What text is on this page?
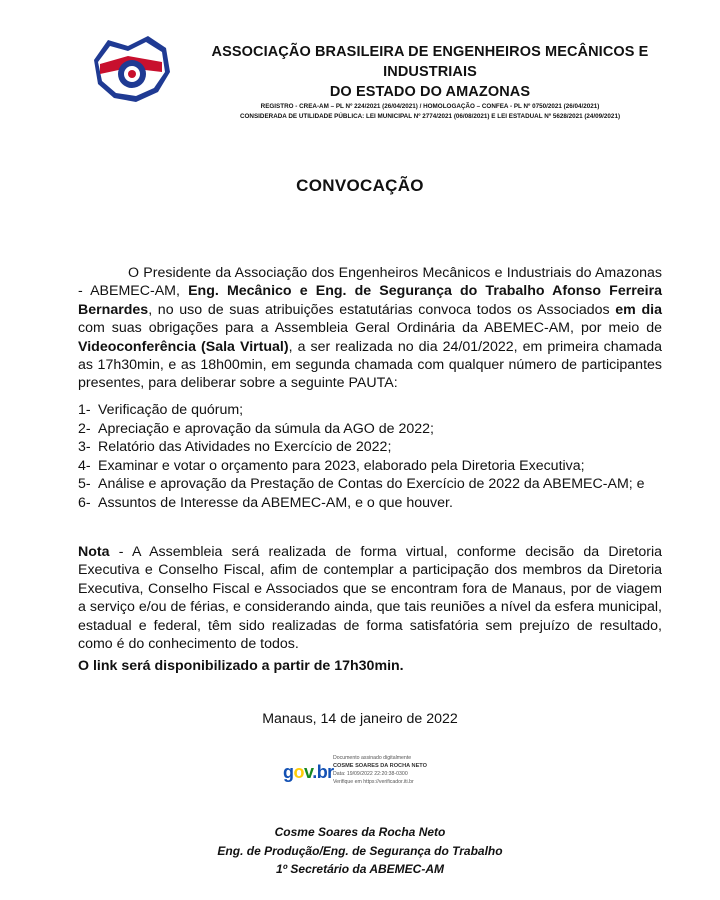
ASSOCIAÇÃO BRASILEIRA DE ENGENHEIROS MECÂNICOS E INDUSTRIAIS
DO ESTADO DO AMAZONAS
REGISTRO - CREA-AM – PL Nº 224/2021 (26/04/2021) / HOMOLOGAÇÃO – CONFEA - PL Nº 0750/2021 (26/04/2021)
CONSIDERADA DE UTILIDADE PÚBLICA: LEI MUNICIPAL Nº 2774/2021 (06/08/2021) E LEI ESTADUAL Nº 5628/2021 (24/09/2021)
CONVOCAÇÃO
O Presidente da Associação dos Engenheiros Mecânicos e Industriais do Amazonas - ABEMEC-AM, Eng. Mecânico e Eng. de Segurança do Trabalho Afonso Ferreira Bernardes, no uso de suas atribuições estatutárias convoca todos os Associados em dia com suas obrigações para a Assembleia Geral Ordinária da ABEMEC-AM, por meio de Videoconferência (Sala Virtual), a ser realizada no dia 24/01/2022, em primeira chamada as 17h30min, e as 18h00min, em segunda chamada com qualquer número de participantes presentes, para deliberar sobre a seguinte PAUTA:
1- Verificação de quórum;
2- Apreciação e aprovação da súmula da AGO de 2022;
3- Relatório das Atividades no Exercício de 2022;
4- Examinar e votar o orçamento para 2023, elaborado pela Diretoria Executiva;
5- Análise e aprovação da Prestação de Contas do Exercício de 2022 da ABEMEC-AM; e
6- Assuntos de Interesse da ABEMEC-AM, e o que houver.
Nota - A Assembleia será realizada de forma virtual, conforme decisão da Diretoria Executiva e Conselho Fiscal, afim de contemplar a participação dos membros da Diretoria Executiva, Conselho Fiscal e Associados que se encontram fora de Manaus, por de viagem a serviço e/ou de férias, e considerando ainda, que tais reuniões a nível da esfera municipal, estadual e federal, têm sido realizadas de forma satisfatória sem prejuízo de resultado, como é do conhecimento de todos.
O link será disponibilizado a partir de 17h30min.
Manaus, 14 de janeiro de 2022
gov.br
Documento assinado digitalmente
COSME SOARES DA ROCHA NETO
Data: 19/09/2022 22:20:38-0300
Verifique em https://verificador.iti.br
Cosme Soares da Rocha Neto
Eng. de Produção/Eng. de Segurança do Trabalho
1º Secretário da ABEMEC-AM
